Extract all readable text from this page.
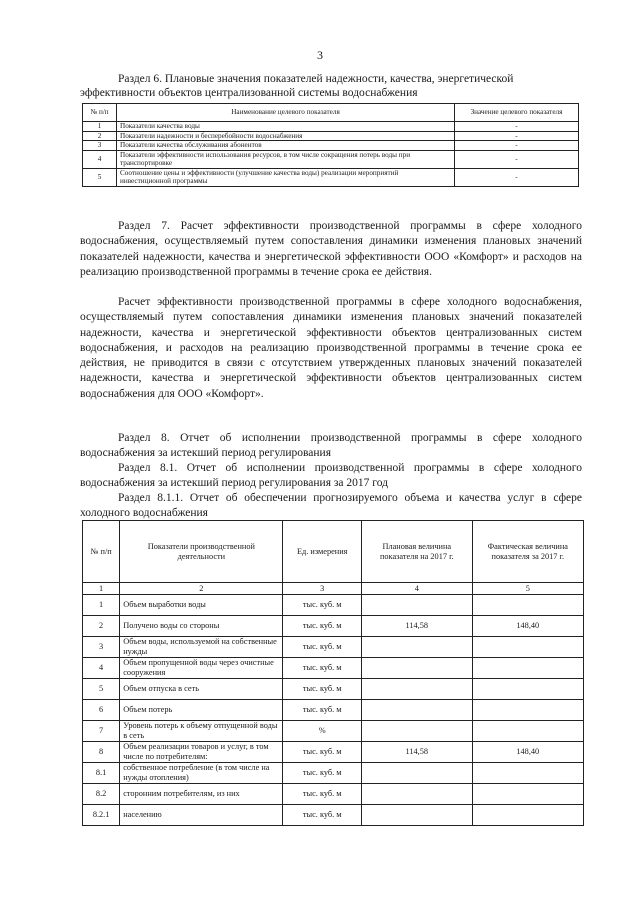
3
Раздел 6. Плановые значения показателей надежности, качества, энергетической эффективности объектов централизованной системы водоснабжения
№ п/п	Наименование целевого показателя	Значение целевого показателя
1	Показатели качества воды	-
2	Показатели надежности и бесперебойности водоснабжения	-
3	Показатели качества обслуживания абонентов	-
4	Показатели эффективности использования ресурсов, в том числе сокращения потерь воды при транспортировке	-
5	Соотношение цены и эффективности (улучшение качества воды) реализации мероприятий инвестиционной программы	-
Раздел 7. Расчет эффективности производственной программы в сфере холодного водоснабжения, осуществляемый путем сопоставления динамики изменения плановых значений показателей надежности, качества и энергетической эффективности ООО «Комфорт» и расходов на реализацию производственной программы в течение срока ее действия.
Расчет эффективности производственной программы в сфере холодного водоснабжения, осуществляемый путем сопоставления динамики изменения плановых значений показателей надежности, качества и энергетической эффективности объектов централизованных систем водоснабжения, и расходов на реализацию производственной программы в течение срока ее действия, не приводится в связи с отсутствием утвержденных плановых значений показателей надежности, качества и энергетической эффективности объектов централизованных систем водоснабжения для ООО «Комфорт».
Раздел 8. Отчет об исполнении производственной программы в сфере холодного водоснабжения за истекший период регулирования
Раздел 8.1. Отчет об исполнении производственной программы в сфере холодного водоснабжения за истекший период регулирования за 2017 год
Раздел 8.1.1. Отчет об обеспечении прогнозируемого объема и качества услуг в сфере холодного водоснабжения
№ п/п	Показатели производственной деятельности	Ед. измерения	Плановая величина показателя на 2017 г.	Фактическая величина показателя за 2017 г.
1	2	3	4	5
1	Объем выработки воды	тыс. куб. м		
2	Получено воды со стороны	тыс. куб. м	114,58	148,40
3	Объем воды, используемой на собственные нужды	тыс. куб. м		
4	Объем пропущенной воды через очистные сооружения	тыс. куб. м		
5	Объем отпуска в сеть	тыс. куб. м		
6	Объем потерь	тыс. куб. м		
7	Уровень потерь к объему отпущенной воды в сеть	%		
8	Объем реализации товаров и услуг, в том числе по потребителям:	тыс. куб. м	114,58	148,40
8.1	собственное потребление (в том числе на нужды отопления)	тыс. куб. м		
8.2	сторонним потребителям, из них	тыс. куб. м		
8.2.1	населению	тыс. куб. м		
